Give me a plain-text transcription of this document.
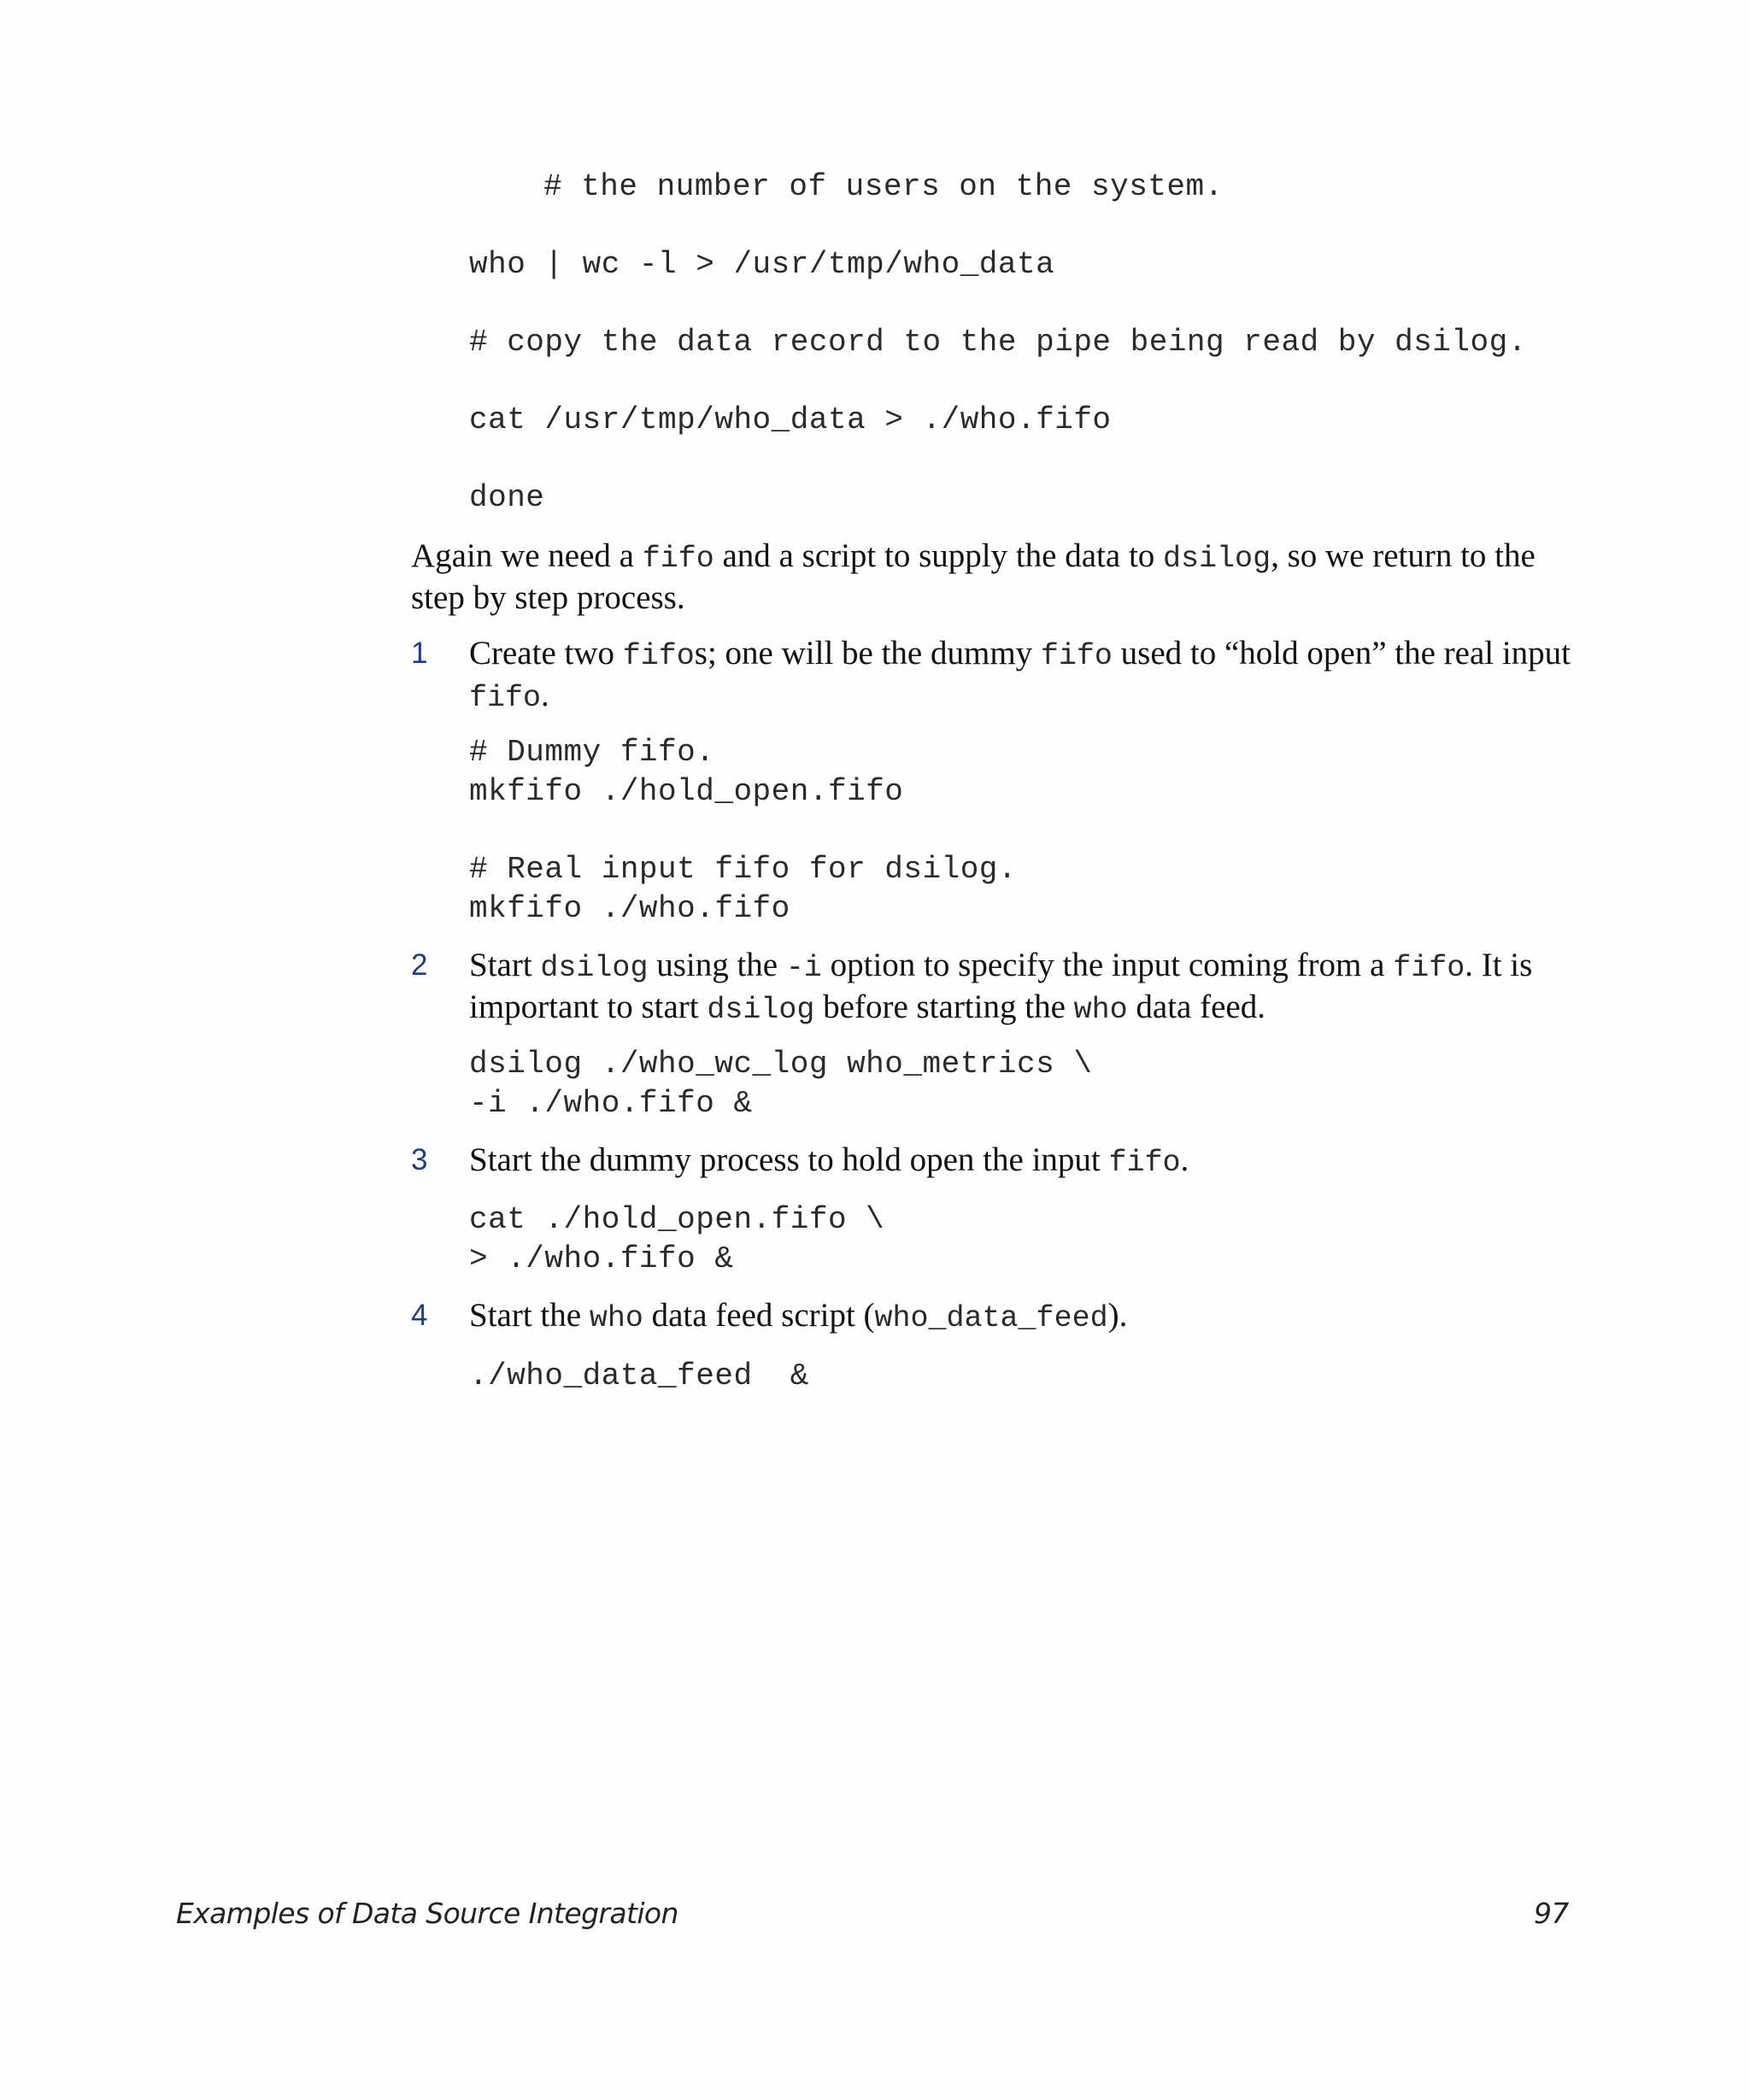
# the number of users on the system.
who | wc -l > /usr/tmp/who_data
# copy the data record to the pipe being read by dsilog.
cat /usr/tmp/who_data > ./who.fifo
done

Again we need a fifo and a script to supply the data to dsilog, so we return to the step by step process.

1	Create two fifos; one will be the dummy fifo used to “hold open” the real input fifo.
# Dummy fifo.
mkfifo ./hold_open.fifo
# Real input fifo for dsilog.
mkfifo ./who.fifo
2	Start dsilog using the -i option to specify the input coming from a fifo. It is important to start dsilog before starting the who data feed.
dsilog ./who_wc_log who_metrics \
-i ./who.fifo &
3	Start the dummy process to hold open the input fifo.
cat ./hold_open.fifo \
> ./who.fifo &
4	Start the who data feed script (who_data_feed).
./who_data_feed  &
Examples of Data Source Integration	97
